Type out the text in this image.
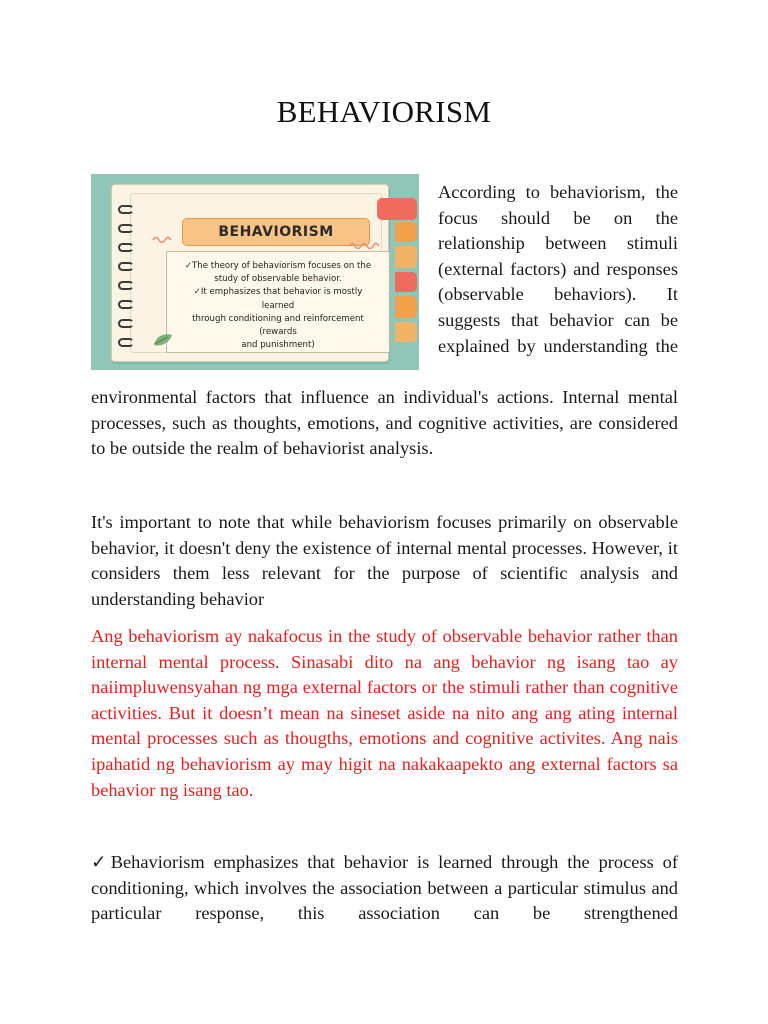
BEHAVIORISM
BEHAVIORISM

✓The theory of behaviorism focuses on the

study of observable behavior.

✓It emphasizes that behavior is mostly learned

through conditioning and reinforcement (rewards

and punishment)

According to behaviorism, the focus should be on the relationship between stimuli (external factors) and responses (observable behaviors). It suggests that behavior can be explained by understanding the

environmental factors that influence an individual's actions. Internal mental processes, such as thoughts, emotions, and cognitive activities, are considered to be outside the realm of behaviorist analysis.

It's important to note that while behaviorism focuses primarily on observable behavior, it doesn't deny the existence of internal mental processes. However, it considers them less relevant for the purpose of scientific analysis and understanding behavior

Ang behaviorism ay nakafocus in the study of observable behavior rather than internal mental process. Sinasabi dito na ang behavior ng isang tao ay naiimpluwensyahan ng mga external factors or the stimuli rather than cognitive activities. But it doesn’t mean na sineset aside na nito ang ang ating internal mental processes such as thougths, emotions and cognitive activites. Ang nais ipahatid ng behaviorism ay may higit na nakakaapekto ang external factors sa behavior ng isang tao.

✓Behaviorism emphasizes that behavior is learned through the process of conditioning, which involves the association between a particular stimulus and particular response, this association can be strengthened
